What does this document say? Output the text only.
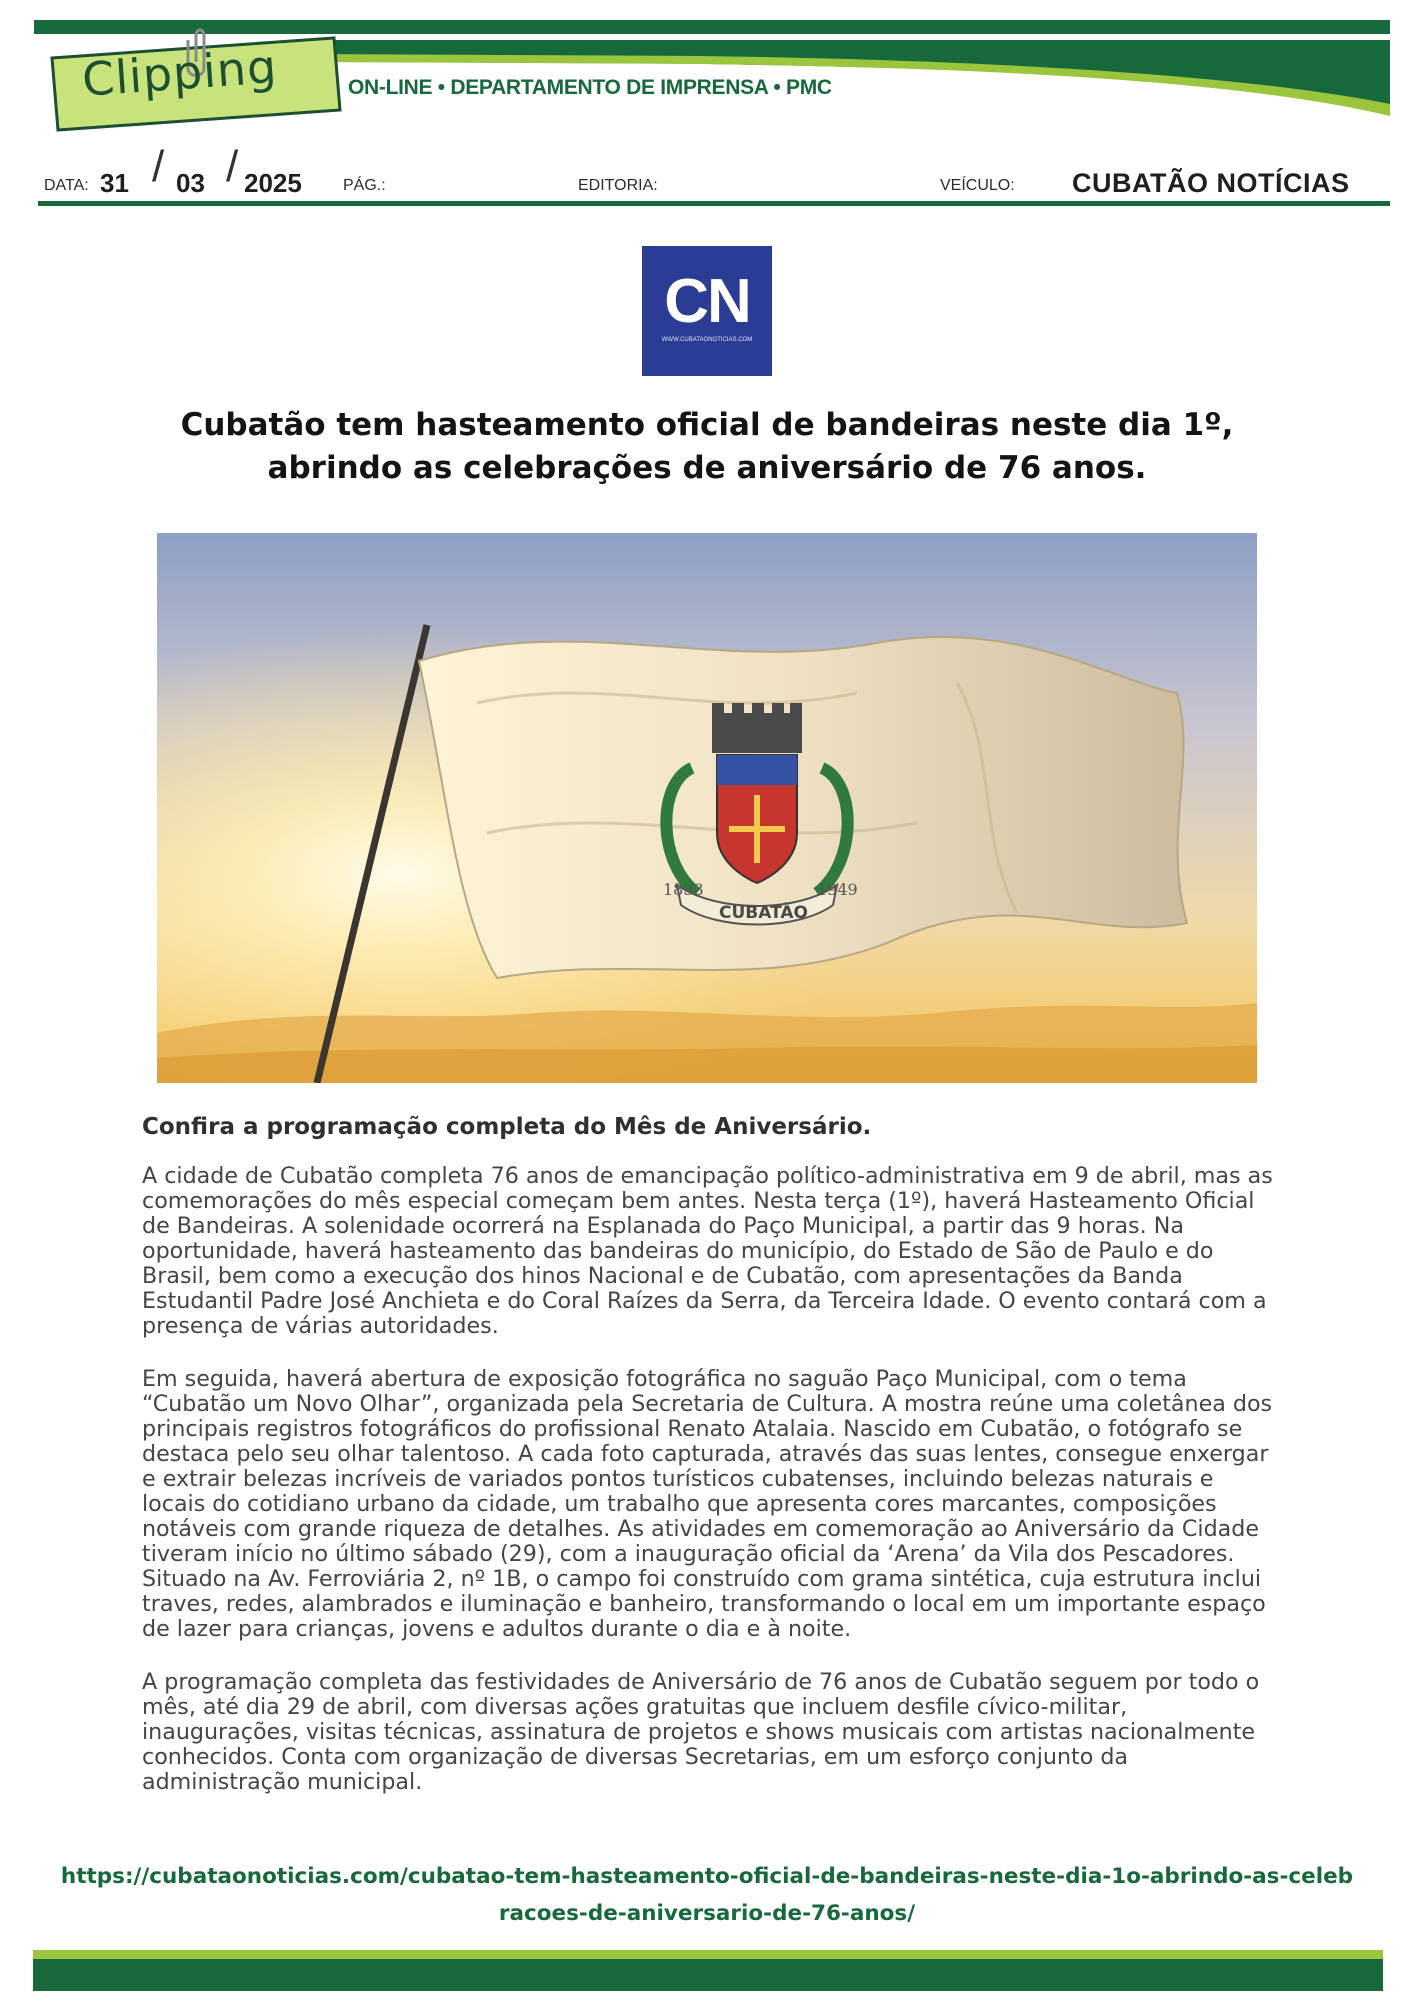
Clipping	ON-LINE • DEPARTAMENTO DE IMPRENSA • PMC
DATA: 31 / 03 / 2025	PÁG.:	EDITORIA:	VEÍCULO: CUBATÃO NOTÍCIAS
CN
WWW.CUBATAONOTICIAS.COM
Cubatão tem hasteamento oficial de bandeiras neste dia 1º, abrindo as celebrações de aniversário de 76 anos.
1833	1949
CUBATÃO
Confira a programação completa do Mês de Aniversário.

A cidade de Cubatão completa 76 anos de emancipação político-administrativa em 9 de abril, mas as comemorações do mês especial começam bem antes. Nesta terça (1º), haverá Hasteamento Oficial de Bandeiras. A solenidade ocorrerá na Esplanada do Paço Municipal, a partir das 9 horas. Na oportunidade, haverá hasteamento das bandeiras do município, do Estado de São de Paulo e do Brasil, bem como a execução dos hinos Nacional e de Cubatão, com apresentações da Banda Estudantil Padre José Anchieta e do Coral Raízes da Serra, da Terceira Idade. O evento contará com a presença de várias autoridades.

Em seguida, haverá abertura de exposição fotográfica no saguão Paço Municipal, com o tema “Cubatão um Novo Olhar”, organizada pela Secretaria de Cultura. A mostra reúne uma coletânea dos principais registros fotográficos do profissional Renato Atalaia. Nascido em Cubatão, o fotógrafo se destaca pelo seu olhar talentoso. A cada foto capturada, através das suas lentes, consegue enxergar e extrair belezas incríveis de variados pontos turísticos cubatenses, incluindo belezas naturais e locais do cotidiano urbano da cidade, um trabalho que apresenta cores marcantes, composições notáveis com grande riqueza de detalhes. As atividades em comemoração ao Aniversário da Cidade tiveram início no último sábado (29), com a inauguração oficial da ‘Arena’ da Vila dos Pescadores. Situado na Av. Ferroviária 2, nº 1B, o campo foi construído com grama sintética, cuja estrutura inclui traves, redes, alambrados e iluminação e banheiro, transformando o local em um importante espaço de lazer para crianças, jovens e adultos durante o dia e à noite.

A programação completa das festividades de Aniversário de 76 anos de Cubatão seguem por todo o mês, até dia 29 de abril, com diversas ações gratuitas que incluem desfile cívico-militar, inaugurações, visitas técnicas, assinatura de projetos e shows musicais com artistas nacionalmente conhecidos. Conta com organização de diversas Secretarias, em um esforço conjunto da administração municipal.

https://cubataonoticias.com/cubatao-tem-hasteamento-oficial-de-bandeiras-neste-dia-1o-abrindo-as-celebracoes-de-aniversario-de-76-anos/
